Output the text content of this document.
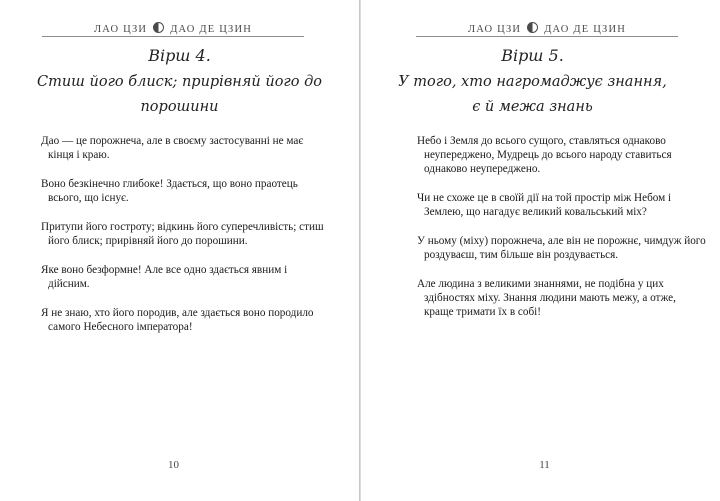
ЛАО ЦЗИ ДАО ДЕ ЦЗИН
Вірш 4.
Стиш його блиск; прирівняй його до порошини

Дао — це порожнеча, але в своєму застосуванні не має кінця і краю.

Воно безкінечно глибоке! Здається, що воно праотець всього, що існує.

Притупи його гостроту; відкинь його суперечливість; стиш його блиск; прирівняй його до порошини.

Яке воно безформне! Але все одно здається явним і дійсним.

Я не знаю, хто його породив, але здається воно породило самого Небесного імператора!

10
ЛАО ЦЗИ ДАО ДЕ ЦЗИН
Вірш 5.
У того, хто нагромаджує знання,
є й межа знань

Небо і Земля до всього сущого, ставляться однаково неупереджено, Мудрець до всього народу ставиться однаково неупереджено.

Чи не схоже це в своїй дії на той простір між Небом і Землею, що нагадує великий ковальський міх?

У ньому (міху) порожнеча, але він не порожнє, чимдуж його роздуваєш, тим більше він роздувається.

Але людина з великими знаннями, не подібна у цих здібностях міху. Знання людини мають межу, а отже, краще тримати їх в собі!

11
